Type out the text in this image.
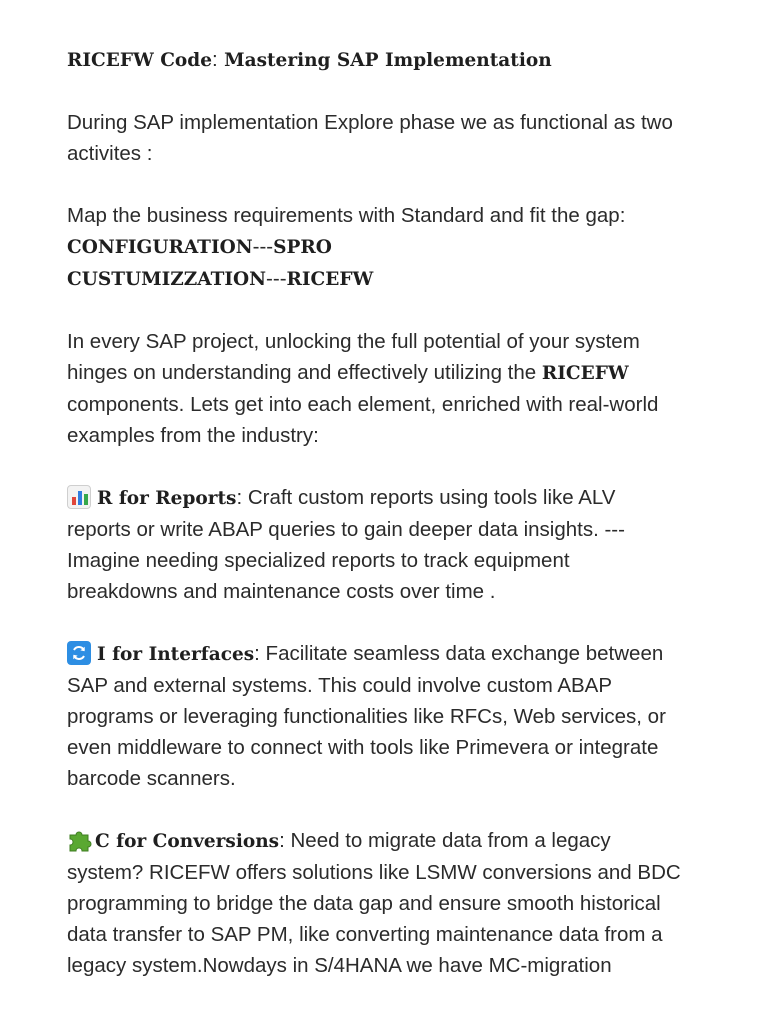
RICEFW Code: Mastering SAP Implementation
During SAP implementation Explore phase we as functional as two
activites :
Map the business requirements with Standard and fit the gap:
CONFIGURATION---SPRO
CUSTUMIZZATION---RICEFW
In every SAP project, unlocking the full potential of your system
hinges on understanding and effectively utilizing the RICEFW
components. Lets get into each element, enriched with real-world
examples from the industry:
R for Reports: Craft custom reports using tools like ALV
reports or write ABAP queries to gain deeper data insights. ---
Imagine needing specialized reports to track equipment
breakdowns and maintenance costs over time .
I for Interfaces: Facilitate seamless data exchange between
SAP and external systems. This could involve custom ABAP
programs or leveraging functionalities like RFCs, Web services, or
even middleware to connect with tools like Primevera or integrate
barcode scanners.
C for Conversions: Need to migrate data from a legacy
system? RICEFW offers solutions like LSMW conversions and BDC
programming to bridge the data gap and ensure smooth historical
data transfer to SAP PM, like converting maintenance data from a
legacy system.Nowdays in S/4HANA we have MC-migration
